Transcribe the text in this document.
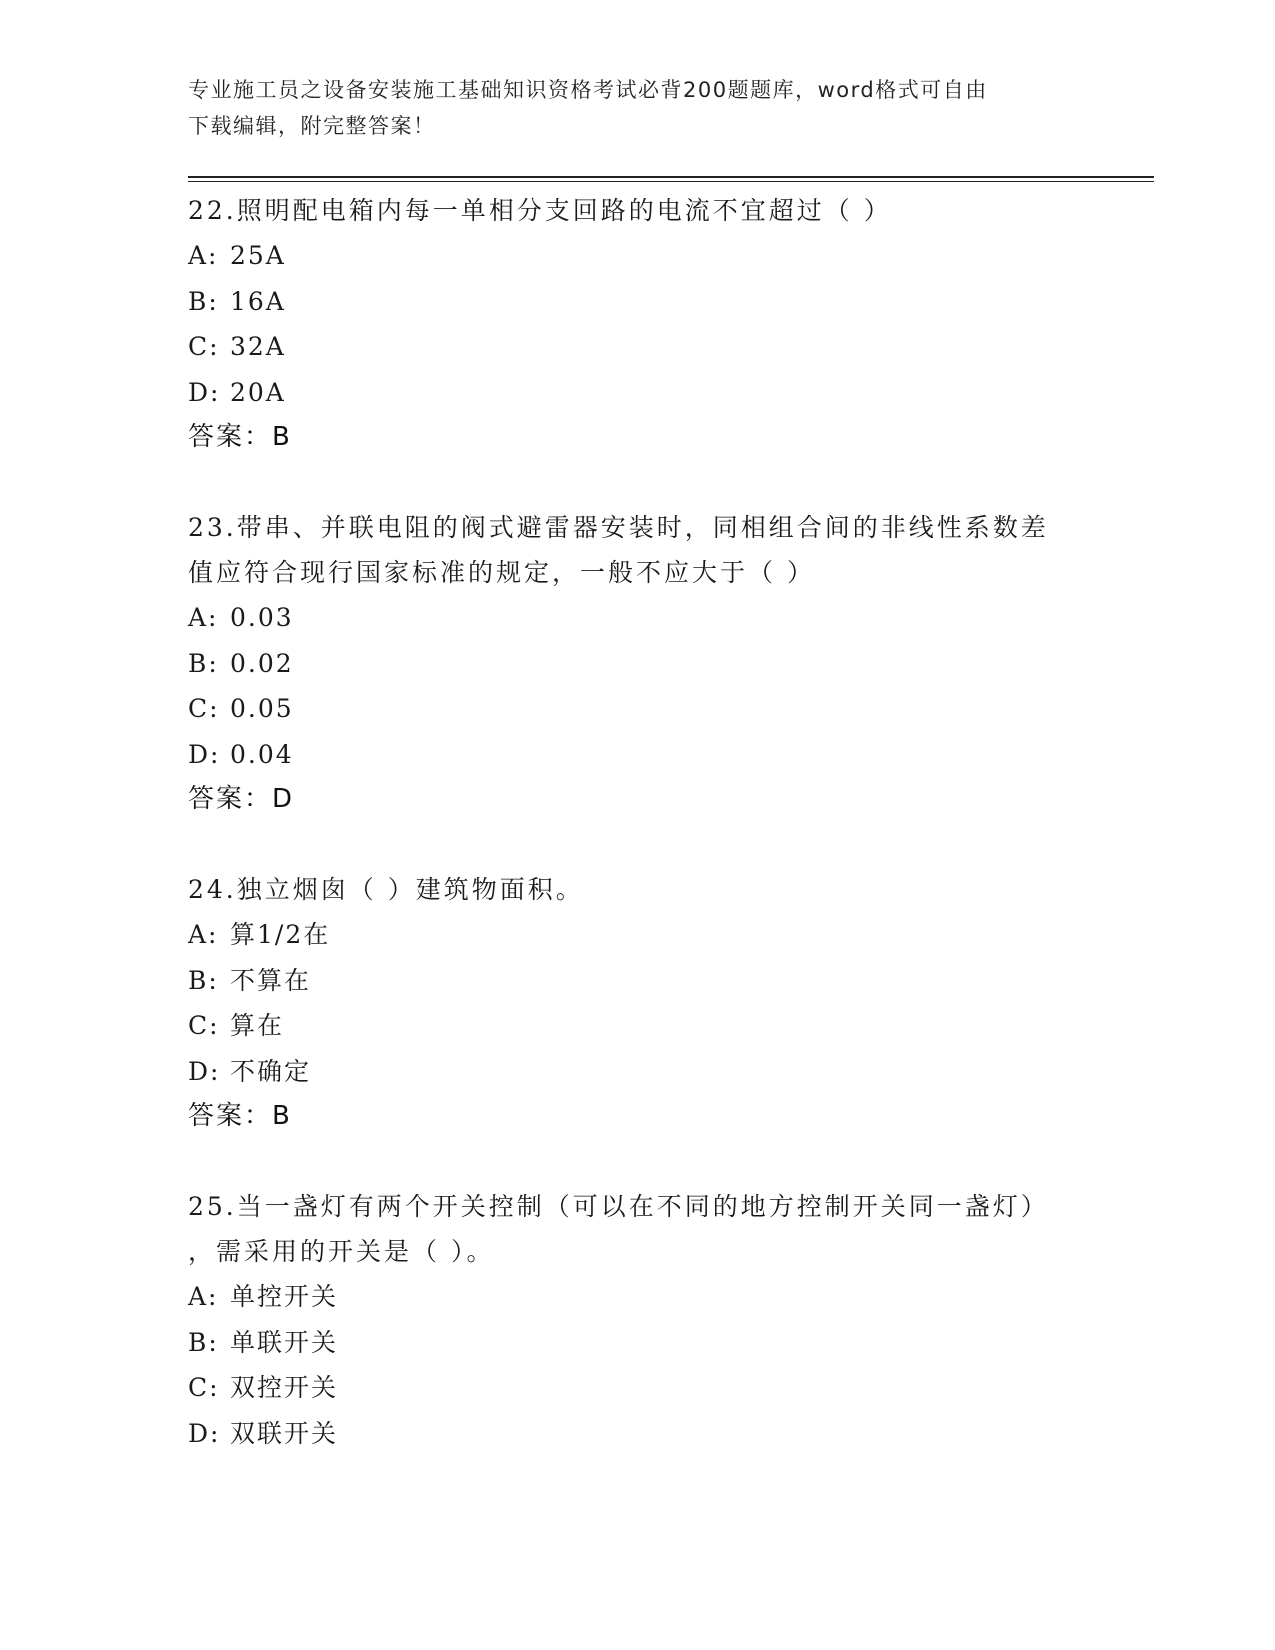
专业施工员之设备安装施工基础知识资格考试必背200题题库，word格式可自由
下载编辑，附完整答案！
22.照明配电箱内每一单相分支回路的电流不宜超过（ ）
A: 25A
B: 16A
C: 32A
D: 20A
答案：B
23.带串、并联电阻的阀式避雷器安装时，同相组合间的非线性系数差
值应符合现行国家标准的规定，一般不应大于（ ）
A: 0.03
B: 0.02
C: 0.05
D: 0.04
答案：D
24.独立烟囱（ ）建筑物面积。
A: 算1/2在
B: 不算在
C: 算在
D: 不确定
答案：B
25.当一盏灯有两个开关控制（可以在不同的地方控制开关同一盏灯）
，需采用的开关是（ ）。
A: 单控开关
B: 单联开关
C: 双控开关
D: 双联开关
